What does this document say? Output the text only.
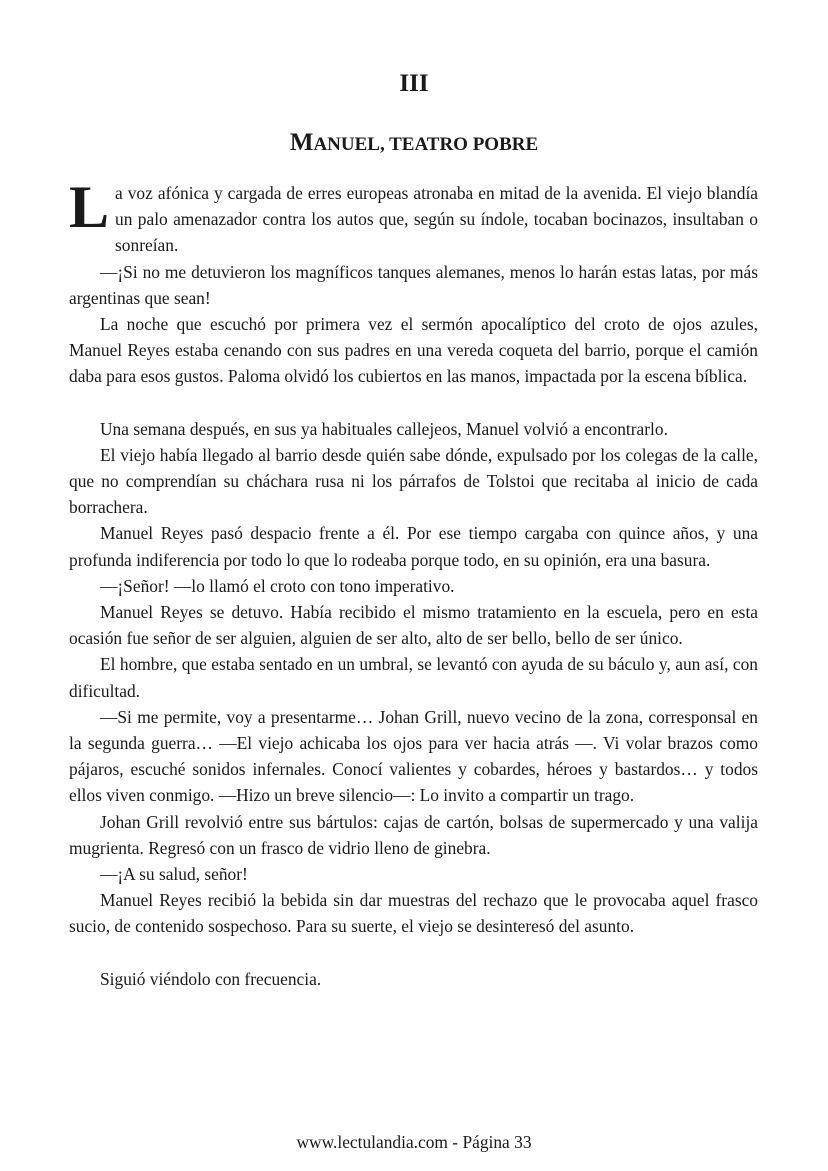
III
MANUEL, TEATRO POBRE

La voz afónica y cargada de erres europeas atronaba en mitad de la avenida. El viejo blandía un palo amenazador contra los autos que, según su índole, tocaban bocinazos, insultaban o sonreían.

—¡Si no me detuvieron los magníficos tanques alemanes, menos lo harán estas latas, por más argentinas que sean!

La noche que escuchó por primera vez el sermón apocalíptico del croto de ojos azules, Manuel Reyes estaba cenando con sus padres en una vereda coqueta del barrio, porque el camión daba para esos gustos. Paloma olvidó los cubiertos en las manos, impactada por la escena bíblica.

Una semana después, en sus ya habituales callejeos, Manuel volvió a encontrarlo.

El viejo había llegado al barrio desde quién sabe dónde, expulsado por los colegas de la calle, que no comprendían su cháchara rusa ni los párrafos de Tolstoi que recitaba al inicio de cada borrachera.

Manuel Reyes pasó despacio frente a él. Por ese tiempo cargaba con quince años, y una profunda indiferencia por todo lo que lo rodeaba porque todo, en su opinión, era una basura.

—¡Señor! —lo llamó el croto con tono imperativo.

Manuel Reyes se detuvo. Había recibido el mismo tratamiento en la escuela, pero en esta ocasión fue señor de ser alguien, alguien de ser alto, alto de ser bello, bello de ser único.

El hombre, que estaba sentado en un umbral, se levantó con ayuda de su báculo y, aun así, con dificultad.

—Si me permite, voy a presentarme… Johan Grill, nuevo vecino de la zona, corresponsal en la segunda guerra… —El viejo achicaba los ojos para ver hacia atrás —. Vi volar brazos como pájaros, escuché sonidos infernales. Conocí valientes y cobardes, héroes y bastardos… y todos ellos viven conmigo. —Hizo un breve silencio—: Lo invito a compartir un trago.

Johan Grill revolvió entre sus bártulos: cajas de cartón, bolsas de supermercado y una valija mugrienta. Regresó con un frasco de vidrio lleno de ginebra.

—¡A su salud, señor!

Manuel Reyes recibió la bebida sin dar muestras del rechazo que le provocaba aquel frasco sucio, de contenido sospechoso. Para su suerte, el viejo se desinteresó del asunto.

Siguió viéndolo con frecuencia.

www.lectulandia.com - Página 33
